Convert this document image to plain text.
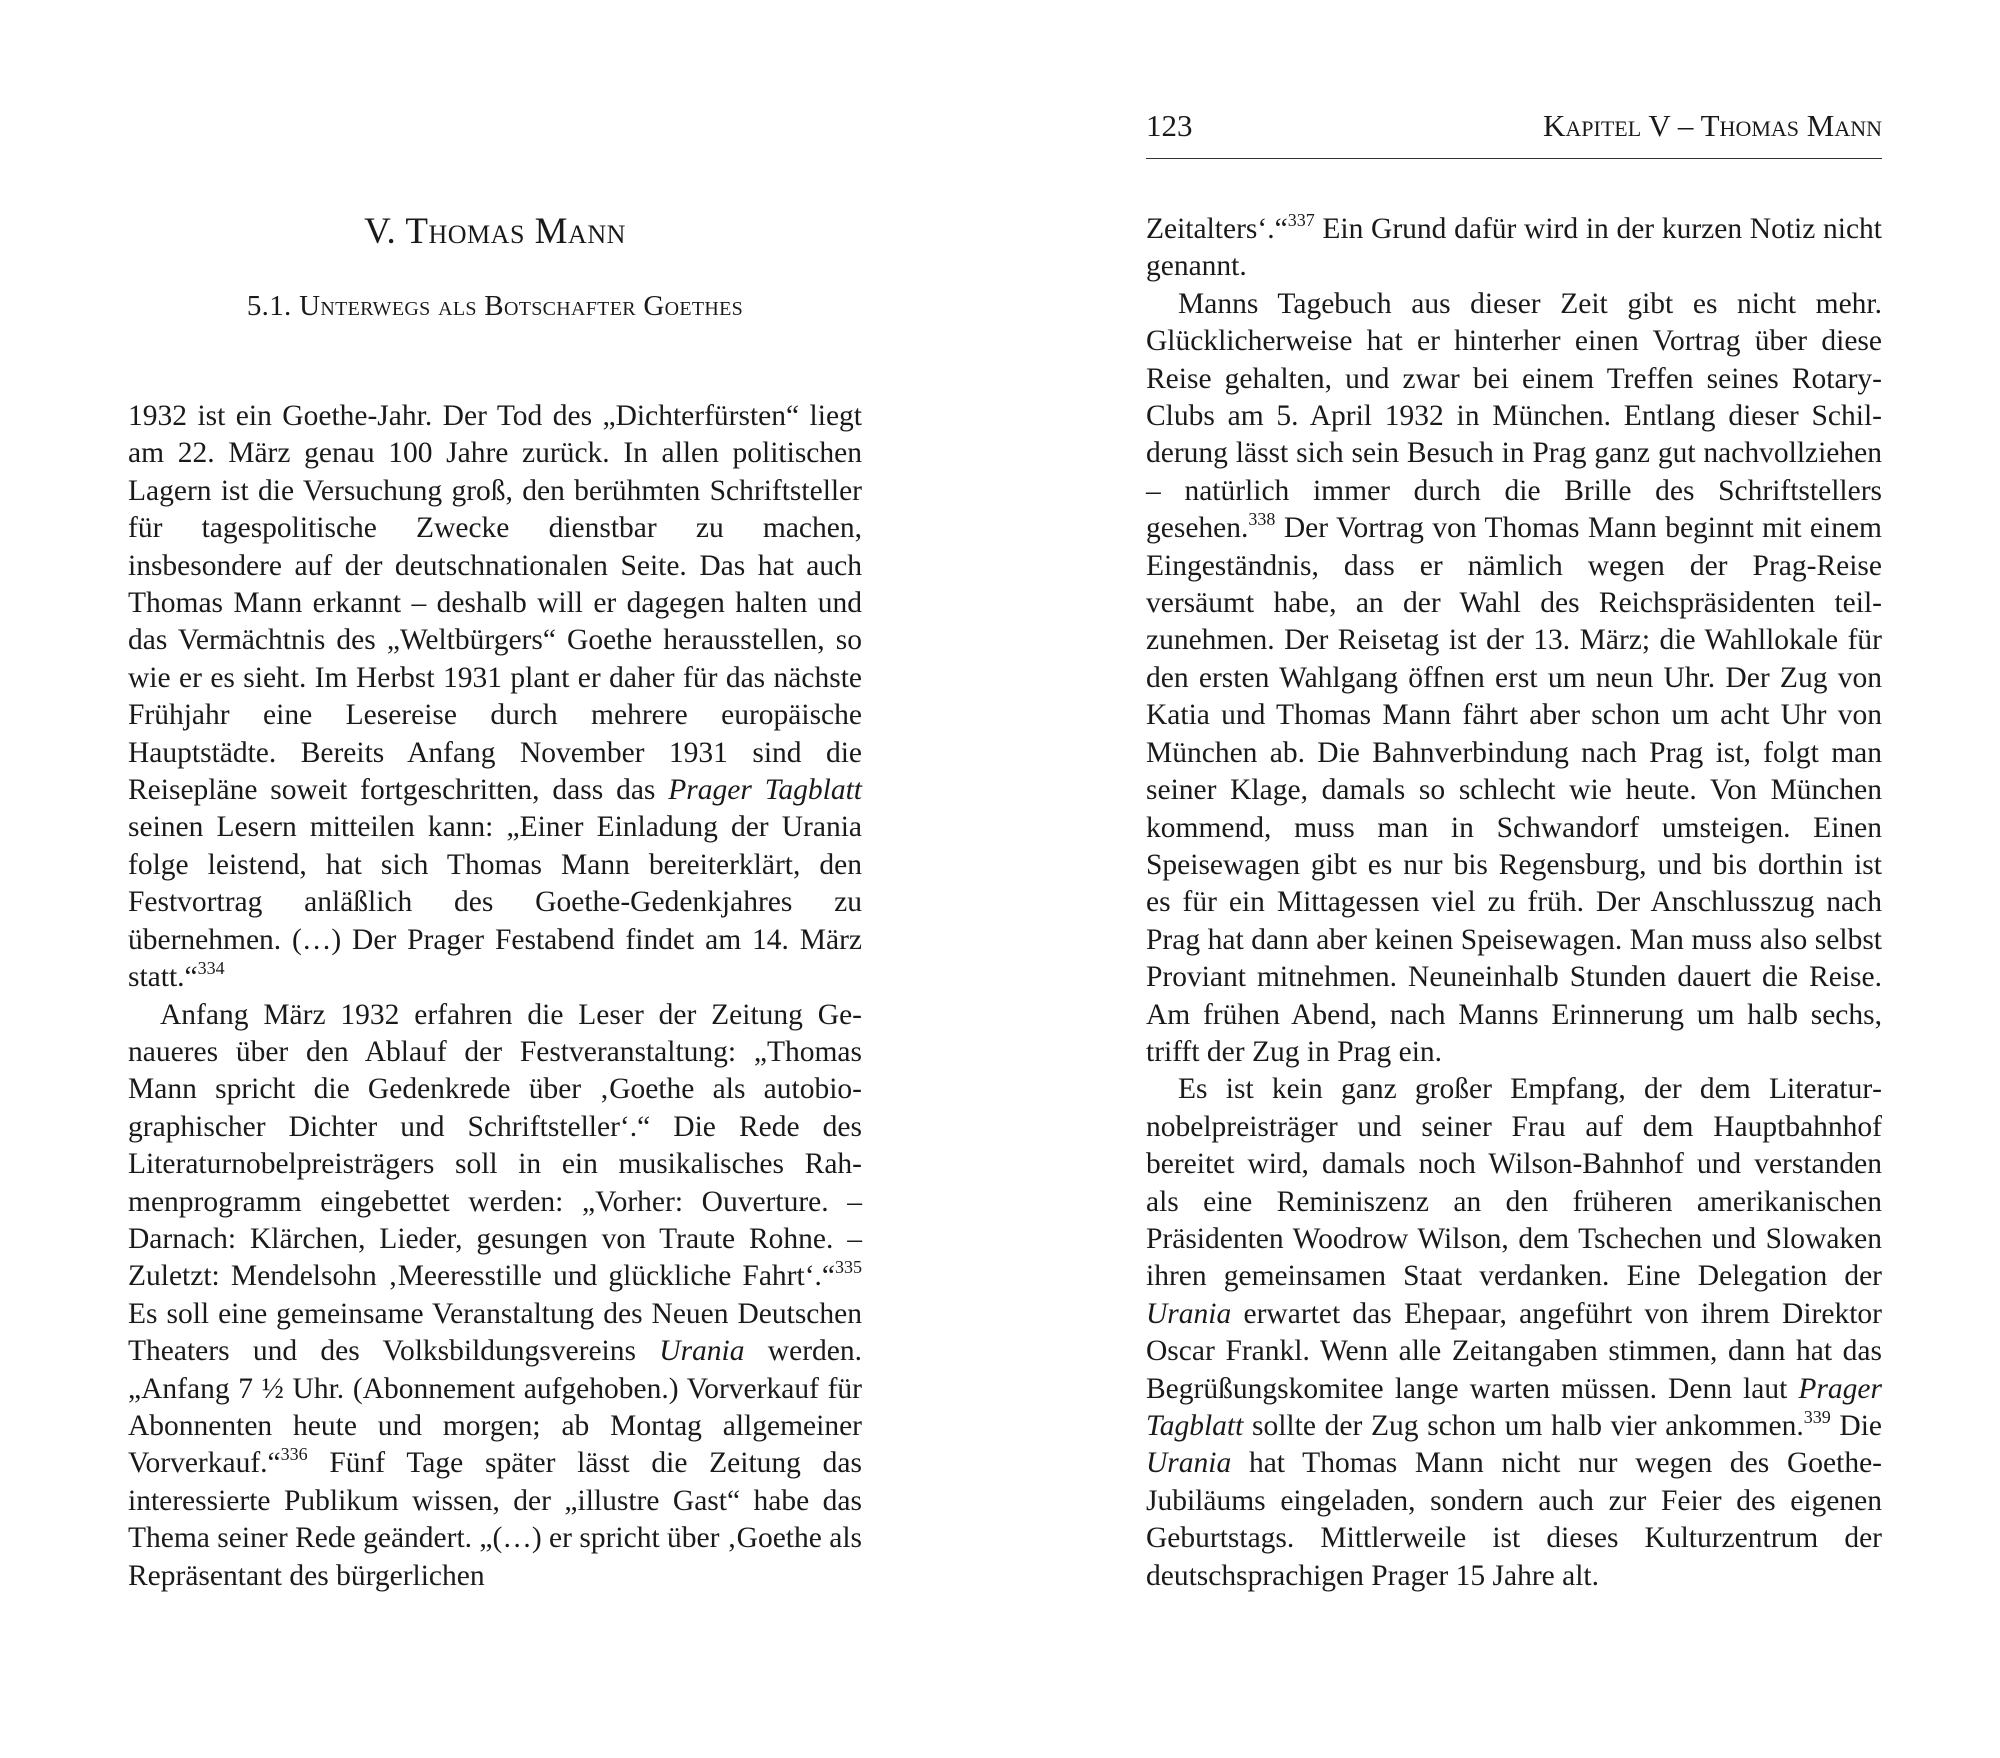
V. Thomas Mann
5.1. Unterwegs als Botschafter Goethes

1932 ist ein Goethe-Jahr. Der Tod des „Dichterfürsten“ liegt am 22. März genau 100 Jahre zurück. In allen politischen Lagern ist die Versuchung groß, den berühmten Schriftsteller für tagespolitische Zwecke dienstbar zu machen, insbesondere auf der deutschnationalen Seite. Das hat auch Thomas Mann erkannt – deshalb will er dagegen halten und das Vermächtnis des „Weltbürgers“ Goethe herausstellen, so wie er es sieht. Im Herbst 1931 plant er daher für das nächste Frühjahr eine Lesereise durch mehrere europäische Hauptstädte. Bereits Anfang November 1931 sind die Reisepläne soweit fortgeschritten, dass das Prager Tagblatt seinen Lesern mitteilen kann: „Einer Einladung der Urania folge leistend, hat sich Thomas Mann bereiterklärt, den Festvortrag anläßlich des Goethe-Gedenkjahres zu übernehmen. (…) Der Prager Festabend findet am 14. März statt.“$^{334}$

Anfang März 1932 erfahren die Leser der Zeitung Genaueres über den Ablauf der Festveranstaltung: „Thomas Mann spricht die Gedenkrede über ‚Goethe als autobiographischer Dichter und Schriftsteller‘.“ Die Rede des Literaturnobelpreisträgers soll in ein musikalisches Rahmenprogramm eingebettet werden: „Vorher: Ouverture. – Darnach: Klärchen, Lieder, gesungen von Traute Rohne. – Zuletzt: Mendelsohn ‚Meeresstille und glückliche Fahrt‘.“$^{335}$ Es soll eine gemeinsame Veranstaltung des Neuen Deutschen Theaters und des Volksbildungsvereins Urania werden. „Anfang 7 ½ Uhr. (Abonnement aufgehoben.) Vorverkauf für Abonnenten heute und morgen; ab Montag allgemeiner Vorverkauf.“$^{336}$ Fünf Tage später lässt die Zeitung das interessierte Publikum wissen, der „illustre Gast“ habe das Thema seiner Rede geändert. „(…) er spricht über ‚Goethe als Repräsentant des bürgerlichen

123	Kapitel V – Thomas Mann

Zeitalters‘.“$^{337}$ Ein Grund dafür wird in der kurzen Notiz nicht genannt.

Manns Tagebuch aus dieser Zeit gibt es nicht mehr. Glücklicherweise hat er hinterher einen Vortrag über diese Reise gehalten, und zwar bei einem Treffen seines Rotary-Clubs am 5. April 1932 in München. Entlang dieser Schilderung lässt sich sein Besuch in Prag ganz gut nachvollziehen – natürlich immer durch die Brille des Schriftstellers gesehen.$^{338}$ Der Vortrag von Thomas Mann beginnt mit einem Eingeständnis, dass er nämlich wegen der Prag-Reise versäumt habe, an der Wahl des Reichspräsidenten teilzunehmen. Der Reisetag ist der 13. März; die Wahllokale für den ersten Wahlgang öffnen erst um neun Uhr. Der Zug von Katia und Thomas Mann fährt aber schon um acht Uhr von München ab. Die Bahnverbindung nach Prag ist, folgt man seiner Klage, damals so schlecht wie heute. Von München kommend, muss man in Schwandorf umsteigen. Einen Speisewagen gibt es nur bis Regensburg, und bis dorthin ist es für ein Mittagessen viel zu früh. Der Anschlusszug nach Prag hat dann aber keinen Speisewagen. Man muss also selbst Proviant mitnehmen. Neuneinhalb Stunden dauert die Reise. Am frühen Abend, nach Manns Erinnerung um halb sechs, trifft der Zug in Prag ein.

Es ist kein ganz großer Empfang, der dem Literaturnobelpreisträger und seiner Frau auf dem Hauptbahnhof bereitet wird, damals noch Wilson-Bahnhof und verstanden als eine Reminiszenz an den früheren amerikanischen Präsidenten Woodrow Wilson, dem Tschechen und Slowaken ihren gemeinsamen Staat verdanken. Eine Delegation der Urania erwartet das Ehepaar, angeführt von ihrem Direktor Oscar Frankl. Wenn alle Zeitangaben stimmen, dann hat das Begrüßungskomitee lange warten müssen. Denn laut Prager Tagblatt sollte der Zug schon um halb vier ankommen.$^{339}$ Die Urania hat Thomas Mann nicht nur wegen des Goethe-Jubiläums eingeladen, sondern auch zur Feier des eigenen Geburtstags. Mittlerweile ist dieses Kulturzentrum der deutschsprachigen Prager 15 Jahre alt.
